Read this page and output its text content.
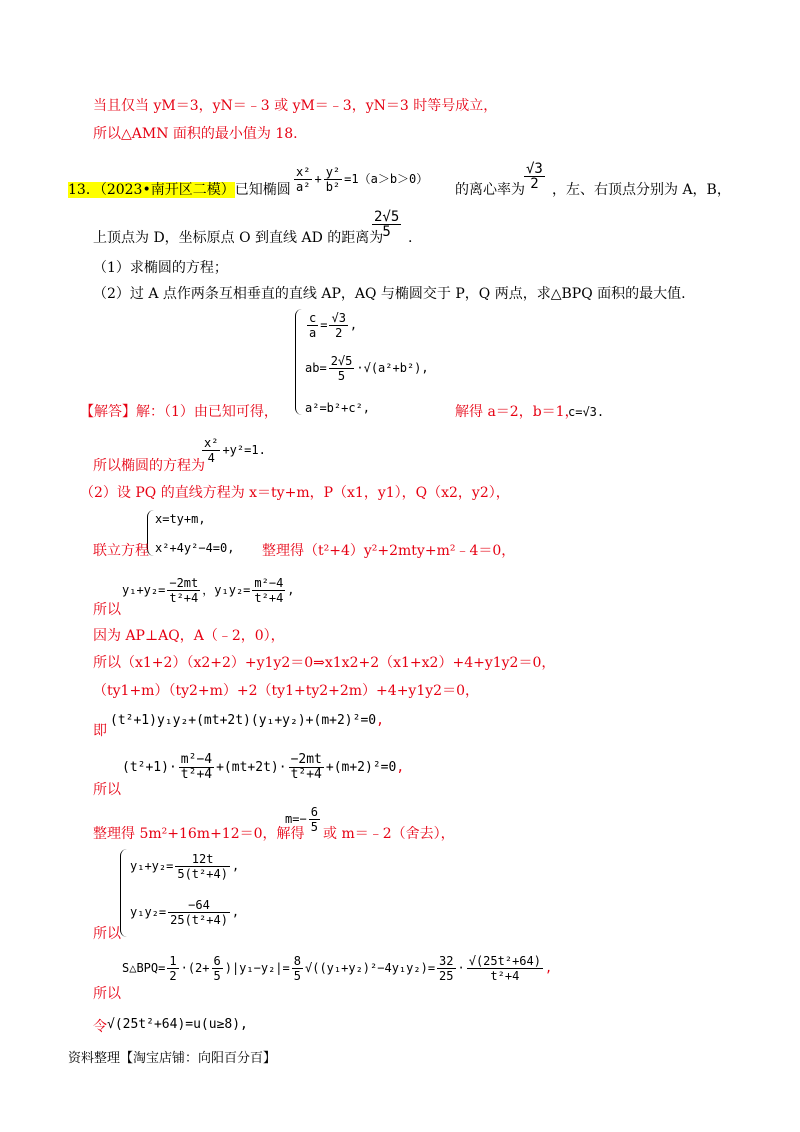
当且仅当 yM＝3，yN＝﹣3 或 yM＝﹣3，yN＝3 时等号成立，
所以△AMN 面积的最小值为 18.
13．（2023•南开区二模）已知椭圆 $\frac{\text{x²}}{\text{a²}} + \frac{\text{y²}}{\text{b²}} =1(a>b>0)$
的离心率为 $\frac{√3}{2}$ ，左、右顶点分别为 A，B，
上顶点为 D，坐标原点 O 到直线 AD 的距离为
$\frac{2√5}{5}$ .
（1）求椭圆的方程；
（2）过 A 点作两条互相垂直的直线 AP，AQ 与椭圆交于 P，Q 两点，求△BPQ 面积的最大值.
$\frac{c}{a} = \frac{√3}{2}$ ,
$ab= \frac{2√5}{5} \cdot√(a^2+b^2)$,
a²=b²+c²,
【解答】解：（1）由已知可得，	解得 a＝2，b＝1，
c=√3.
所以椭圆的方程为
$\frac{\text{x²}}{4} +y^2=1$.
（2）设 PQ 的直线方程为 x＝ty+m，P（x1，y1），Q（x2，y2），
x=ty+m,
x²+4y²−4=0,
联立方程	整理得（t²+4）y²+2mty+m²﹣4＝0，
$y_1+y_2= \frac{-2mt}{\text{t²+4}}$ ，$y_1y_2= \frac{\text{m²−4}}{\text{t²+4}}$ ,
所以
因为 AP⊥AQ，A（﹣2，0），
所以（x1+2）（x2+2）+y1y2＝0⇒x1x2+2（x1+x2）+4+y1y2＝0，
（ty1+m）（ty2+m）+2（ty1+ty2+2m）+4+y1y2＝0，
即
(t²+1)y₁y₂+(mt+2t)(y₁+y₂)+(m+2)²=0,
$(t^2+1)\cdot \frac{\text{m²−4}}{\text{t²+4}} +(mt+2t)\cdot \frac{-2mt}{\text{t²+4}} +(m+2)^2=0$,
所以
整理得 5m²+16m+12＝0，解得
$m=- \frac{6}{5}$ 或 m＝﹣2（舍去），
$y_1+y_2= \frac{12t}{\text{5(t²+4)}}$ ,
$y_1y_2= \frac{-64}{\text{25(t²+4)}}$ ,
所以
S△BPQ= $\frac{1}{2} \cdot(2+ \frac{6}{5} )|y_1-y_2|= \frac{8}{5} √((y_1+y_2)^2-4y_1y_2)= \frac{32}{25} \cdot \frac{\text{√(25t²+64)}}{\text{t²+4}}$ ,
所以
令 √(25t²+64)=u(u≥8),
资料整理【淘宝店铺：向阳百分百】
